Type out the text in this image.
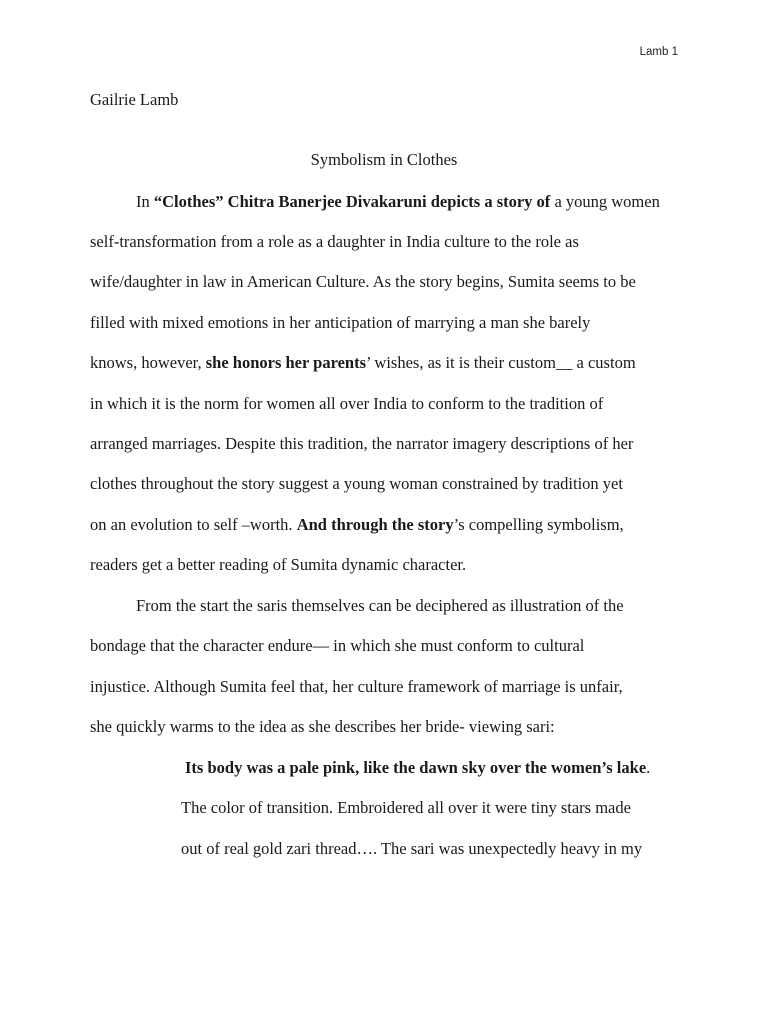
Lamb 1
Gailrie Lamb
Symbolism in Clothes
In “Clothes” Chitra Banerjee Divakaruni depicts a story of a young women
self-transformation from a role as a daughter in India culture to the role as
wife/daughter in law in American Culture. As the story begins, Sumita seems to be
filled with mixed emotions in her anticipation of marrying a man she barely
knows, however, she honors her parents’ wishes, as it is their custom__ a custom
in which it is the norm for women all over India to conform to the tradition of
arranged marriages. Despite this tradition, the narrator imagery descriptions of her
clothes throughout the story suggest a young woman constrained by tradition yet
on an evolution to self –worth. And through the story’s compelling symbolism,
readers get a better reading of Sumita dynamic character.
From the start the saris themselves can be deciphered as illustration of the
bondage that the character endure— in which she must conform to cultural
injustice. Although Sumita feel that, her culture framework of marriage is unfair,
she quickly warms to the idea as she describes her bride- viewing sari:
Its body was a pale pink, like the dawn sky over the women’s lake.
The color of transition. Embroidered all over it were tiny stars made
out of real gold zari thread…. The sari was unexpectedly heavy in my
